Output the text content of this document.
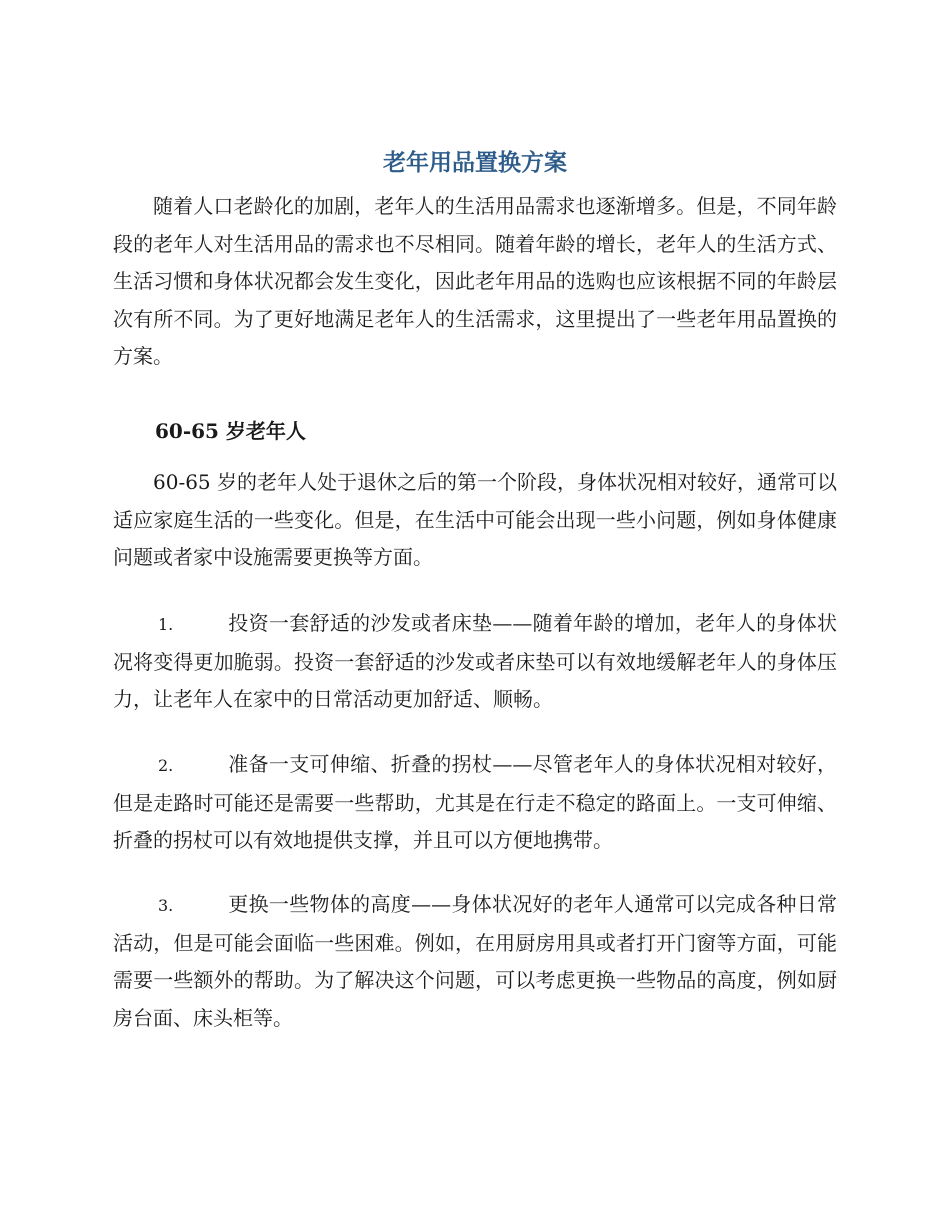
老年用品置换方案

随着人口老龄化的加剧，老年人的生活用品需求也逐渐增多。但是，不同年龄段的老年人对生活用品的需求也不尽相同。随着年龄的增长，老年人的生活方式、生活习惯和身体状况都会发生变化，因此老年用品的选购也应该根据不同的年龄层次有所不同。为了更好地满足老年人的生活需求，这里提出了一些老年用品置换的方案。

60-65 岁老年人

60-65 岁的老年人处于退休之后的第一个阶段，身体状况相对较好，通常可以适应家庭生活的一些变化。但是，在生活中可能会出现一些小问题，例如身体健康问题或者家中设施需要更换等方面。

1.	投资一套舒适的沙发或者床垫——随着年龄的增加，老年人的身体状况将变得更加脆弱。投资一套舒适的沙发或者床垫可以有效地缓解老年人的身体压力，让老年人在家中的日常活动更加舒适、顺畅。

2.	准备一支可伸缩、折叠的拐杖——尽管老年人的身体状况相对较好，但是走路时可能还是需要一些帮助，尤其是在行走不稳定的路面上。一支可伸缩、折叠的拐杖可以有效地提供支撑，并且可以方便地携带。

3.	更换一些物体的高度——身体状况好的老年人通常可以完成各种日常活动，但是可能会面临一些困难。例如，在用厨房用具或者打开门窗等方面，可能需要一些额外的帮助。为了解决这个问题，可以考虑更换一些物品的高度，例如厨房台面、床头柜等。
